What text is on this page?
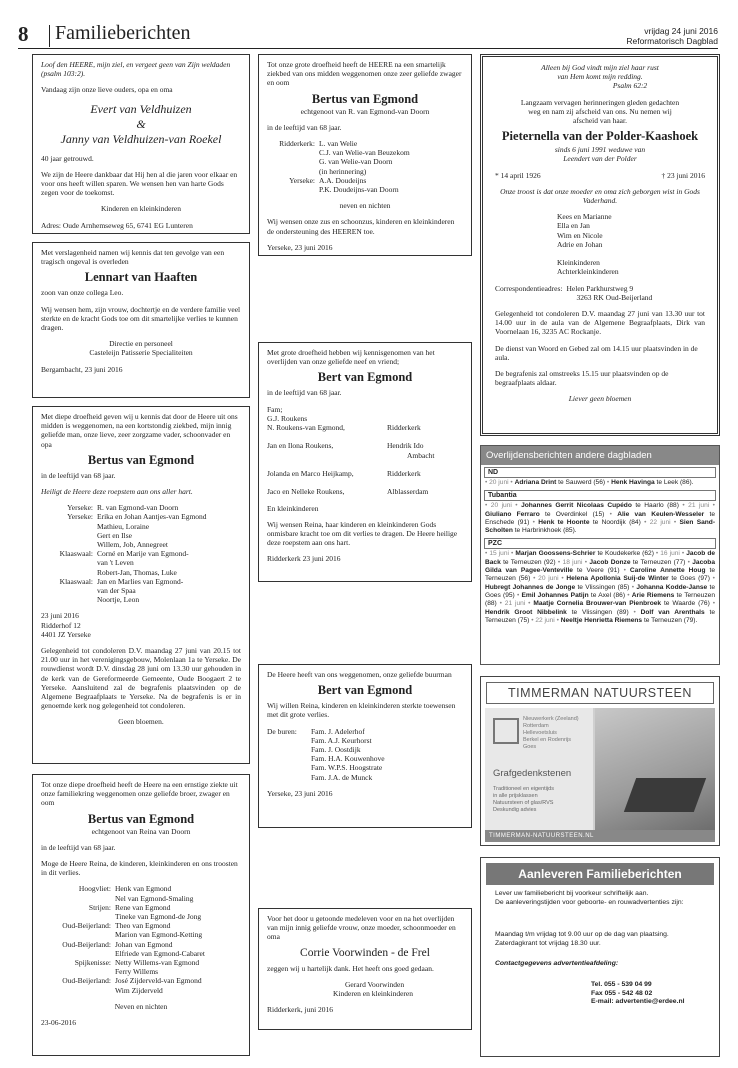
8 Familieberichten	vrijdag 24 juni 2016
Reformatorisch Dagblad

Loof den HEERE, mijn ziel, en vergeet geen van Zijn weldaden (psalm 103:2).

Vandaag zijn onze lieve ouders, opa en oma

Evert van Veldhuizen
&
Janny van Veldhuizen-van Roekel

40 jaar getrouwd.

We zijn de Heere dankbaar dat Hij hen al die jaren voor elkaar en voor ons heeft willen sparen. We wensen hen van harte Gods zegen voor de toekomst.

Kinderen en kleinkinderen

Adres: Oude Arnhemseweg 65, 6741 EG Lunteren

Met verslagenheid namen wij kennis dat ten gevolge van een tragisch ongeval is overleden

Lennart van Haaften

zoon van onze collega Leo.

Wij wensen hem, zijn vrouw, dochtertje en de verdere familie veel sterkte en de kracht Gods toe om dit smartelijke verlies te kunnen dragen.

Directie en personeel

Casteleijn Patisserie Specialiteiten

Bergambacht, 23 juni 2016

Met diepe droefheid geven wij u kennis dat door de Heere uit ons midden is weggenomen, na een kortstondig ziekbed, mijn innig geliefde man, onze lieve, zeer zorgzame vader, schoonvader en opa

Bertus van Egmond

in de leeftijd van 68 jaar.

Heiligt de Heere deze roepstem aan ons aller hart.

Yerseke: R. van Egmond-van Doorn
Yerseke: Erika en Johan Aantjes-van Egmond
Mathieu, Loraine
Gert en Ilse
Willem, Job, Annegreet
Klaaswaal: Corné en Marije van Egmond-
van 't Leven
Robert-Jan, Thomas, Luke
Klaaswaal: Jan en Marlies van Egmond-
van der Spaa
Noortje, Leon

23 juni 2016

Ridderhof 12

4401 JZ Yerseke

Gelegenheid tot condoleren D.V. maandag 27 juni van 20.15 tot 21.00 uur in het verenigingsgebouw, Molenlaan 1a te Yerseke. De rouwdienst wordt D.V. dinsdag 28 juni om 13.30 uur gehouden in de kerk van de Gereformeerde Gemeente, Oude Boogaert 2 te Yerseke. Aansluitend zal de begrafenis plaatsvinden op de Algemene Begraafplaats te Yerseke. Na de begrafenis is er in genoemde kerk nog gelegenheid tot condoleren.

Geen bloemen.

Tot onze diepe droefheid heeft de Heere na een ernstige ziekte uit onze familiekring weggenomen onze geliefde broer, zwager en oom

Bertus van Egmond

echtgenoot van Reina van Doorn

in de leeftijd van 68 jaar.

Moge de Heere Reina, de kinderen, kleinkinderen en ons troosten in dit verlies.

Hoogvliet: Henk van Egmond
Nel van Egmond-Smaling
Strijen: Rene van Egmond
Tineke van Egmond-de Jong
Oud-Beijerland: Theo van Egmond
Marion van Egmond-Ketting
Oud-Beijerland: Johan van Egmond
Elfriede van Egmond-Cabaret
Spijkenisse: Netty Willems-van Egmond
Ferry Willems
Oud-Beijerland: José Zijderveld-van Egmond
Wim Zijderveld

Neven en nichten

23-06-2016

Tot onze grote droefheid heeft de HEERE na een smartelijk ziekbed van ons midden weggenomen onze zeer geliefde zwager en oom

Bertus van Egmond

echtgenoot van R. van Egmond-van Doorn

in de leeftijd van 68 jaar.

Ridderkerk: L. van Welie
C.J. van Welie-van Beuzekom
G. van Welie-van Doorn
(in herinnering)
Yerseke: A.A. Doudeijns
P.K. Doudeijns-van Doorn

neven en nichten

Wij wensen onze zus en schoonzus, kinderen en kleinkinderen de ondersteuning des HEEREN toe.

Yerseke, 23 juni 2016

Met grote droefheid hebben wij kennisgenomen van het overlijden van onze geliefde neef en vriend;

Bert van Egmond

in de leeftijd van 68 jaar.

Fam;

G.J. Roukens
N. Roukens-van Egmond,	Ridderkerk
Jan en Ilona Roukens,	Hendrik Ido
Ambacht
Jolanda en Marco Heijkamp,	Ridderkerk
Jaco en Nelleke Roukens,	Alblasserdam

En kleinkinderen

Wij wensen Reina, haar kinderen en kleinkinderen Gods onmisbare kracht toe om dit verlies te dragen. De Heere heilige deze roepstem aan ons hart.

Ridderkerk 23 juni 2016

De Heere heeft van ons weggenomen, onze geliefde buurman

Bert van Egmond

Wij willen Reina, kinderen en kleinkinderen sterkte toewensen met dit grote verlies.

De buren:	Fam. J. Adelerhof
Fam. A.J. Keurhorst
Fam. J. Oostdijk
Fam. H.A. Kouwenhove
Fam. W.P.S. Hoogstrate
Fam. J.A. de Munck

Yerseke, 23 juni 2016

Voor het door u getoonde medeleven voor en na het overlijden van mijn innig geliefde vrouw, onze moeder, schoonmoeder en oma

Corrie Voorwinden - de Frel

zeggen wij u hartelijk dank. Het heeft ons goed gedaan.

Gerard Voorwinden

Kinderen en kleinkinderen

Ridderkerk, juni 2016

Alleen bij God vindt mijn ziel haar rust

van Hem komt mijn redding.

Psalm 62:2

Langzaam vervagen herinneringen gleden gedachten weg en nam zij afscheid van ons. Nu nemen wij afscheid van haar.

Pieternella van der Polder-Kaashoek

sinds 6 juni 1991 weduwe van

Leendert van der Polder

* 14 april 1926	† 23 juni 2016

Onze troost is dat onze moeder en oma zich geborgen wist in Gods Vaderhand.

Kees en Marianne
Ella en Jan
Wim en Nicole
Adrie en Johan
Kleinkinderen
Achterkleinkinderen
Correspondentieadres: Helen Parkhurstweg 9
3263 RK Oud-Beijerland

Gelegenheid tot condoleren D.V. maandag 27 juni van 13.30 uur tot 14.00 uur in de aula van de Algemene Begraafplaats, Dirk van Voornelaan 16, 3235 AC Rockanje.

De dienst van Woord en Gebed zal om 14.15 uur plaatsvinden in de aula.

De begrafenis zal omstreeks 15.15 uur plaatsvinden op de begraafplaats aldaar.

Liever geen bloemen

Overlijdensberichten andere dagbladen
ND
• 20 juni • Adriana Drint te Sauwerd (56) • Henk Havinga te Leek (86).
Tubantia
• 20 juni • Johannes Gerrit Nicolaas Cupédo te Haarlo (88) • 21 juni • Giuliano Ferraro te Overdinkel (15) • Alie van Keulen-Wesseler te Enschede (91) • Henk te Hoonte te Noordijk (84) • 22 juni • Sien Sand-Scholten te Harbrinkhoek (85).
PZC
• 15 juni • Marjan Goossens-Schrier te Koudekerke (62) • 16 juni • Jacob de Back te Terneuzen (92) • 18 juni • Jacob Donze te Terneuzen (77) • Jacoba Gilda van Pagee-Venteville te Veere (91) • Caroline Annette Houg te Terneuzen (56) • 20 juni • Helena Apollonia Suij-de Winter te Goes (97) • Hubregt Johannes de Jonge te Vlissingen (85) • Johanna Kodde-Janse te Goes (95) • Emil Johannes Patijn te Axel (86) • Arie Riemens te Terneuzen (88) • 21 juni • Maatje Cornelia Brouwer-van Pienbroek te Waarde (76) • Hendrik Groot Nibbelink te Vlissingen (89) • Dolf van Arenthals te Terneuzen (75) • 22 juni • Neeltje Henrietta Riemens te Terneuzen (79).
TIMMERMAN NATUURSTEEN
Nieuwerkerk (Zeeland)
Rotterdam
Hellevoetsluis
Berkel en Rodenrijs
Goes
Grafgedenkstenen
Traditioneel en eigentijds
in alle prijsklassen
Natuursteen of glas/RVS
Deskundig advies
TIMMERMAN-NATUURSTEEN.NL
Aanleveren Familieberichten

Lever uw familiebericht bij voorkeur schriftelijk aan.

De aanleveringstijden voor geboorte- en rouwadvertenties zijn:

Maandag t/m vrijdag tot 9.00 uur op de dag van plaatsing.

Zaterdagkrant tot vrijdag 18.30 uur.

Contactgegevens advertentieafdeling:

Tel. 055 - 539 04 99

Fax 055 - 542 48 02

E-mail: advertentie@erdee.nl
